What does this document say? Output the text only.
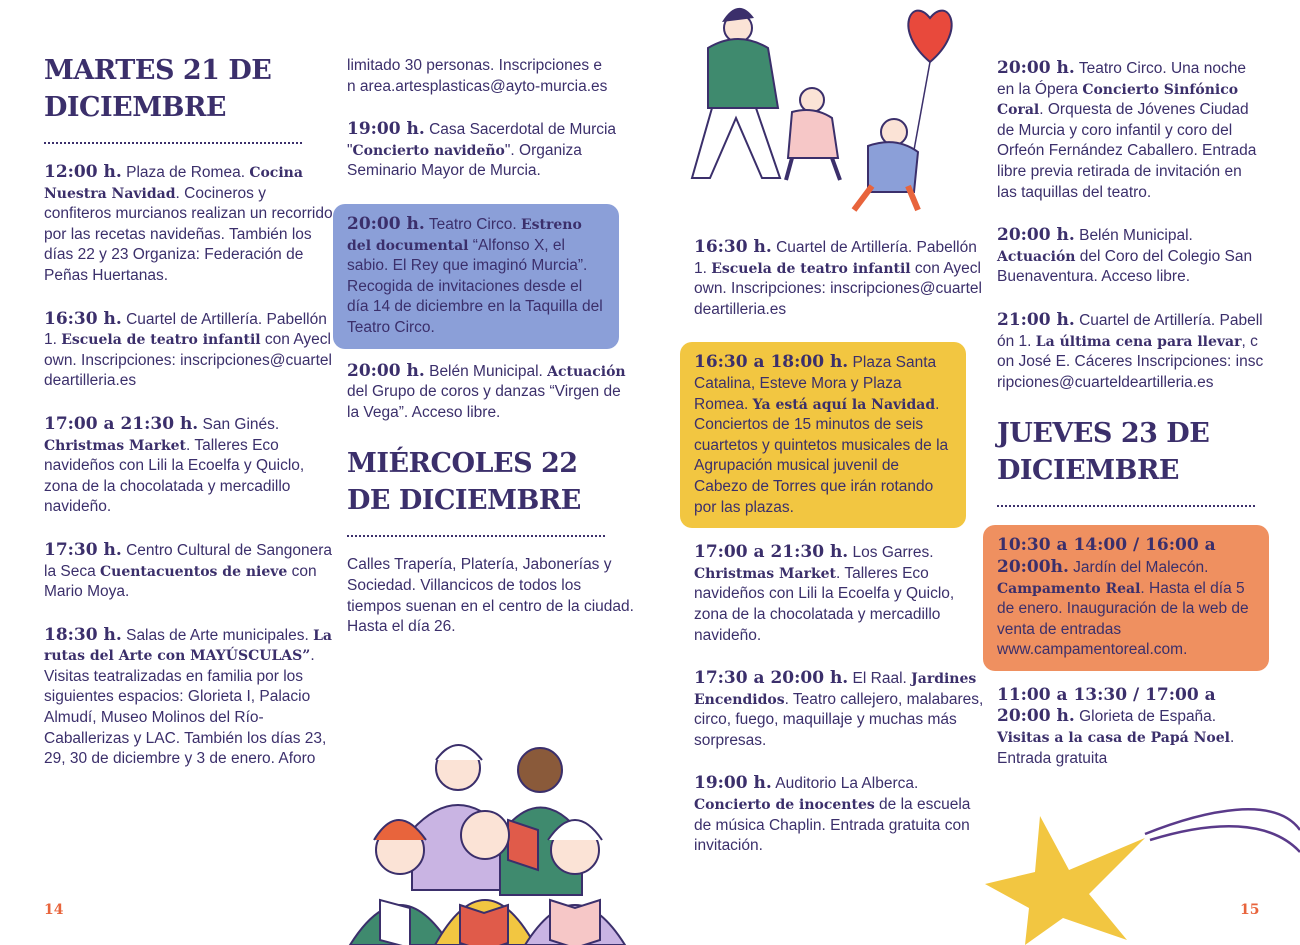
MARTES 21 DE DICIEMBRE
12:00 h. Plaza de Romea. Cocina Nuestra Navidad. Cocineros y confiteros murcianos realizan un recorrido por las recetas navideñas. También los días 22 y 23 Organiza: Federación de Peñas Huertanas.
16:30 h. Cuartel de Artillería. Pabellón 1. Escuela de teatro infantil con Ayeclown. Inscripciones: inscripciones@cuarteldeartilleria.es
17:00 a 21:30 h. San Ginés. Christmas Market. Talleres Eco navideños con Lili la Ecoelfa y Quiclo, zona de la chocolatada y mercadillo navideño.
17:30 h. Centro Cultural de Sangonera la Seca Cuentacuentos de nieve con Mario Moya.
18:30 h. Salas de Arte municipales. La rutas del Arte con MAYÚSCULAS”. Visitas teatralizadas en familia por los siguientes espacios: Glorieta I, Palacio Almudí, Museo Molinos del Río-Caballerizas y LAC. También los días 23, 29, 30 de diciembre y 3 de enero. Aforo
limitado 30 personas. Inscripciones en area.artesplasticas@ayto-murcia.es
19:00 h. Casa Sacerdotal de Murcia "Concierto navideño". Organiza Seminario Mayor de Murcia.
20:00 h. Teatro Circo. Estreno del documental “Alfonso X, el sabio. El Rey que imaginó Murcia”. Recogida de invitaciones desde el día 14 de diciembre en la Taquilla del Teatro Circo.
20:00 h. Belén Municipal. Actuación del Grupo de coros y danzas “Virgen de la Vega”. Acceso libre.
MIÉRCOLES 22 DE DICIEMBRE
Calles Trapería, Platería, Jabonerías y Sociedad. Villancicos de todos los tiempos suenan en el centro de la ciudad. Hasta el día 26.
16:30 h. Cuartel de Artillería. Pabellón 1. Escuela de teatro infantil con Ayeclown. Inscripciones: inscripciones@cuarteldeartilleria.es
16:30 a 18:00 h. Plaza Santa Catalina, Esteve Mora y Plaza Romea. Ya está aquí la Navidad. Conciertos de 15 minutos de seis cuartetos y quintetos musicales de la Agrupación musical juvenil de Cabezo de Torres que irán rotando por las plazas.
17:00 a 21:30 h. Los Garres. Christmas Market. Talleres Eco navideños con Lili la Ecoelfa y Quiclo, zona de la chocolatada y mercadillo navideño.
17:30 a 20:00 h. El Raal. Jardines Encendidos. Teatro callejero, malabares, circo, fuego, maquillaje y muchas más sorpresas.
19:00 h. Auditorio La Alberca. Concierto de inocentes de la escuela de música Chaplin. Entrada gratuita con invitación.
20:00 h. Teatro Circo. Una noche en la Ópera Concierto Sinfónico Coral. Orquesta de Jóvenes Ciudad de Murcia y coro infantil y coro del Orfeón Fernández Caballero. Entrada libre previa retirada de invitación en las taquillas del teatro.
20:00 h. Belén Municipal. Actuación del Coro del Colegio San Buenaventura. Acceso libre.
21:00 h. Cuartel de Artillería. Pabellón 1. La última cena para llevar, con José E. Cáceres Inscripciones: inscripciones@cuarteldeartilleria.es
JUEVES 23 DE DICIEMBRE
10:30 a 14:00 / 16:00 a 20:00h. Jardín del Malecón. Campamento Real. Hasta el día 5 de enero. Inauguración de la web de venta de entradas www.campamentoreal.com.
11:00 a 13:30 / 17:00 a 20:00 h. Glorieta de España. Visitas a la casa de Papá Noel. Entrada gratuita
14	15
